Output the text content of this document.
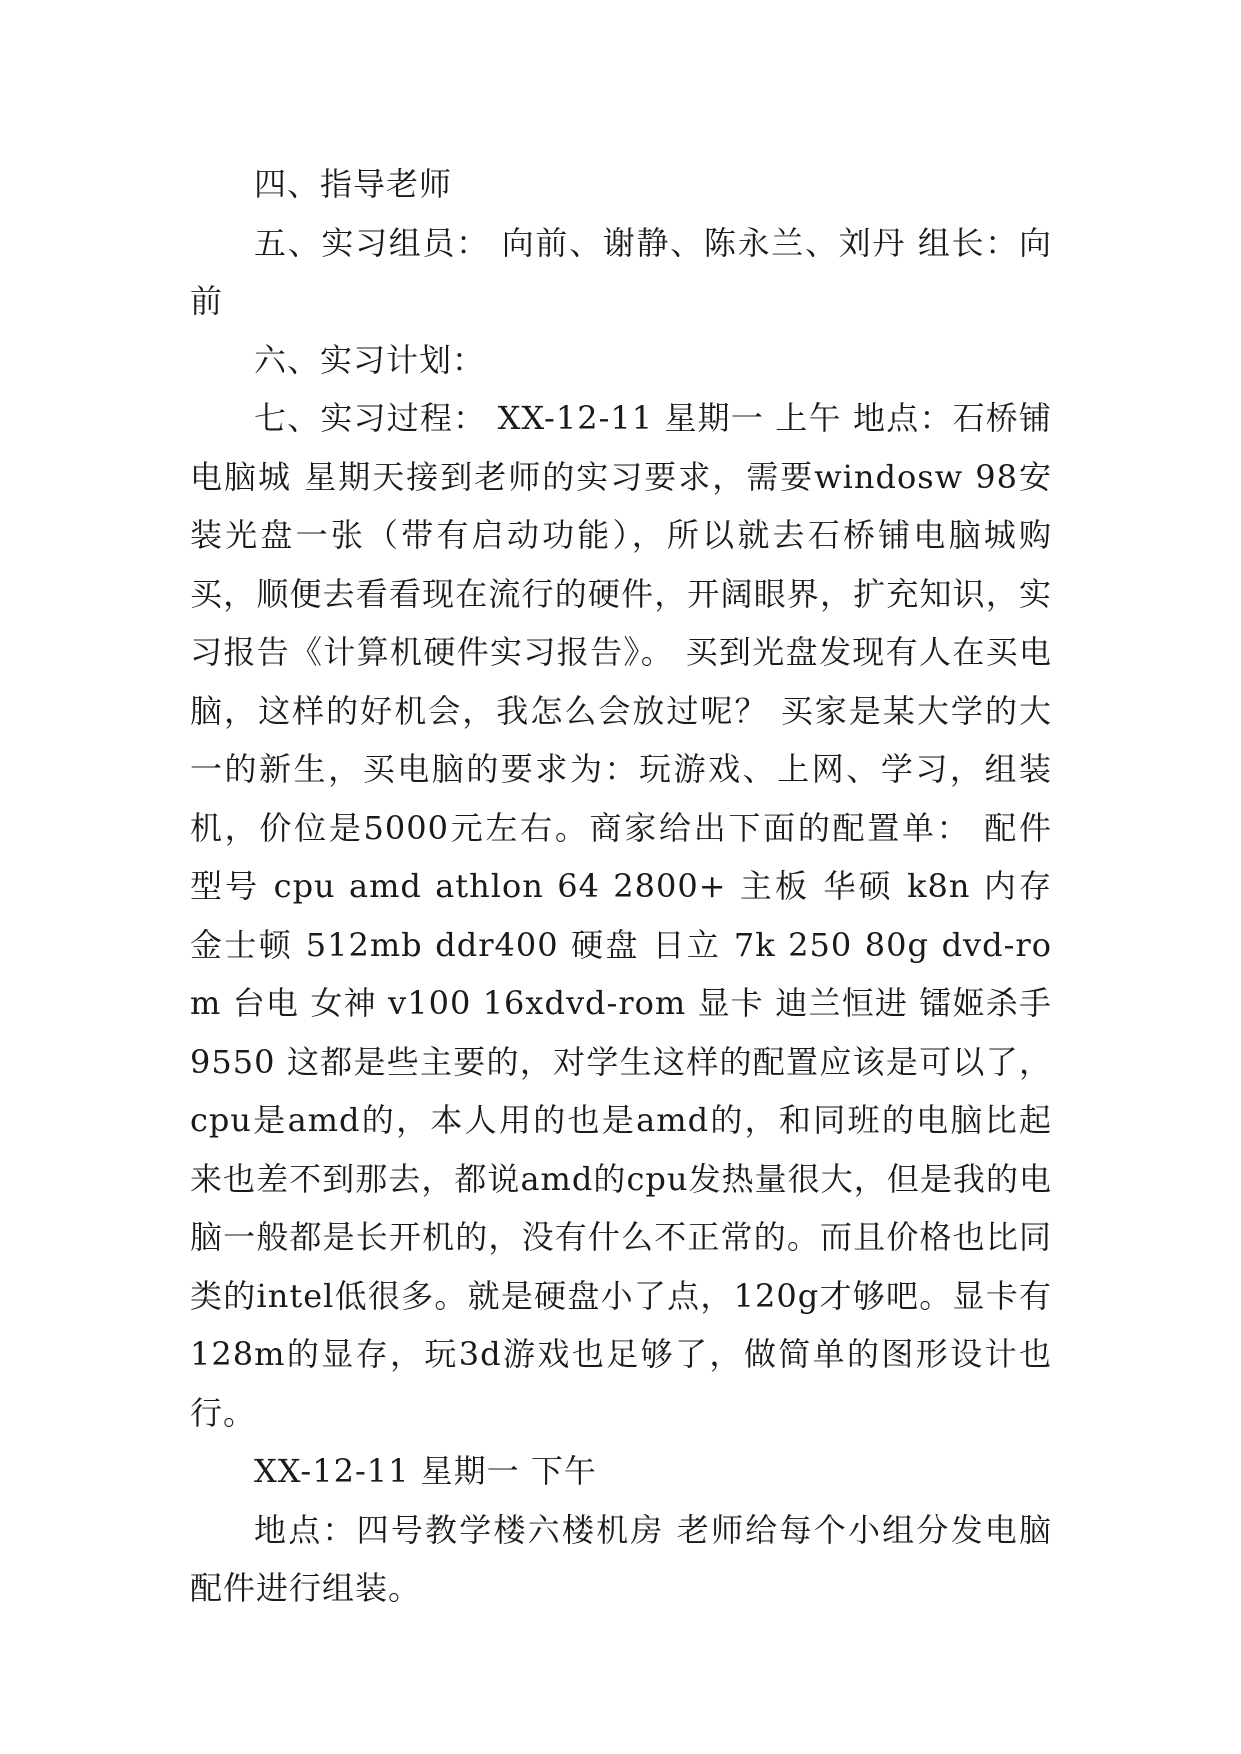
四、指导老师

五、实习组员： 向前、谢静、陈永兰、刘丹 组长：向前

六、实习计划：

七、实习过程： XX-12-11 星期一 上午 地点：石桥铺电脑城 星期天接到老师的实习要求，需要windosw 98安装光盘一张（带有启动功能），所以就去石桥铺电脑城购买，顺便去看看现在流行的硬件，开阔眼界，扩充知识，实习报告《计算机硬件实习报告》。 买到光盘发现有人在买电脑，这样的好机会，我怎么会放过呢？ 买家是某大学的大一的新生，买电脑的要求为：玩游戏、上网、学习，组装机，价位是5000元左右。商家给出下面的配置单： 配件 型号 cpu amd athlon 64 2800+ 主板 华硕 k8n 内存 金士顿 512mb ddr400 硬盘 日立 7k 250 80g dvd-rom 台电 女神 v100 16xdvd-rom 显卡 迪兰恒进 镭姬杀手9550 这都是些主要的，对学生这样的配置应该是可以了，cpu是amd的，本人用的也是amd的，和同班的电脑比起来也差不到那去，都说amd的cpu发热量很大，但是我的电脑一般都是长开机的，没有什么不正常的。而且价格也比同类的intel低很多。就是硬盘小了点，120g才够吧。显卡有128m的显存，玩3d游戏也足够了，做简单的图形设计也行。

XX-12-11 星期一 下午

地点：四号教学楼六楼机房 老师给每个小组分发电脑配件进行组装。
